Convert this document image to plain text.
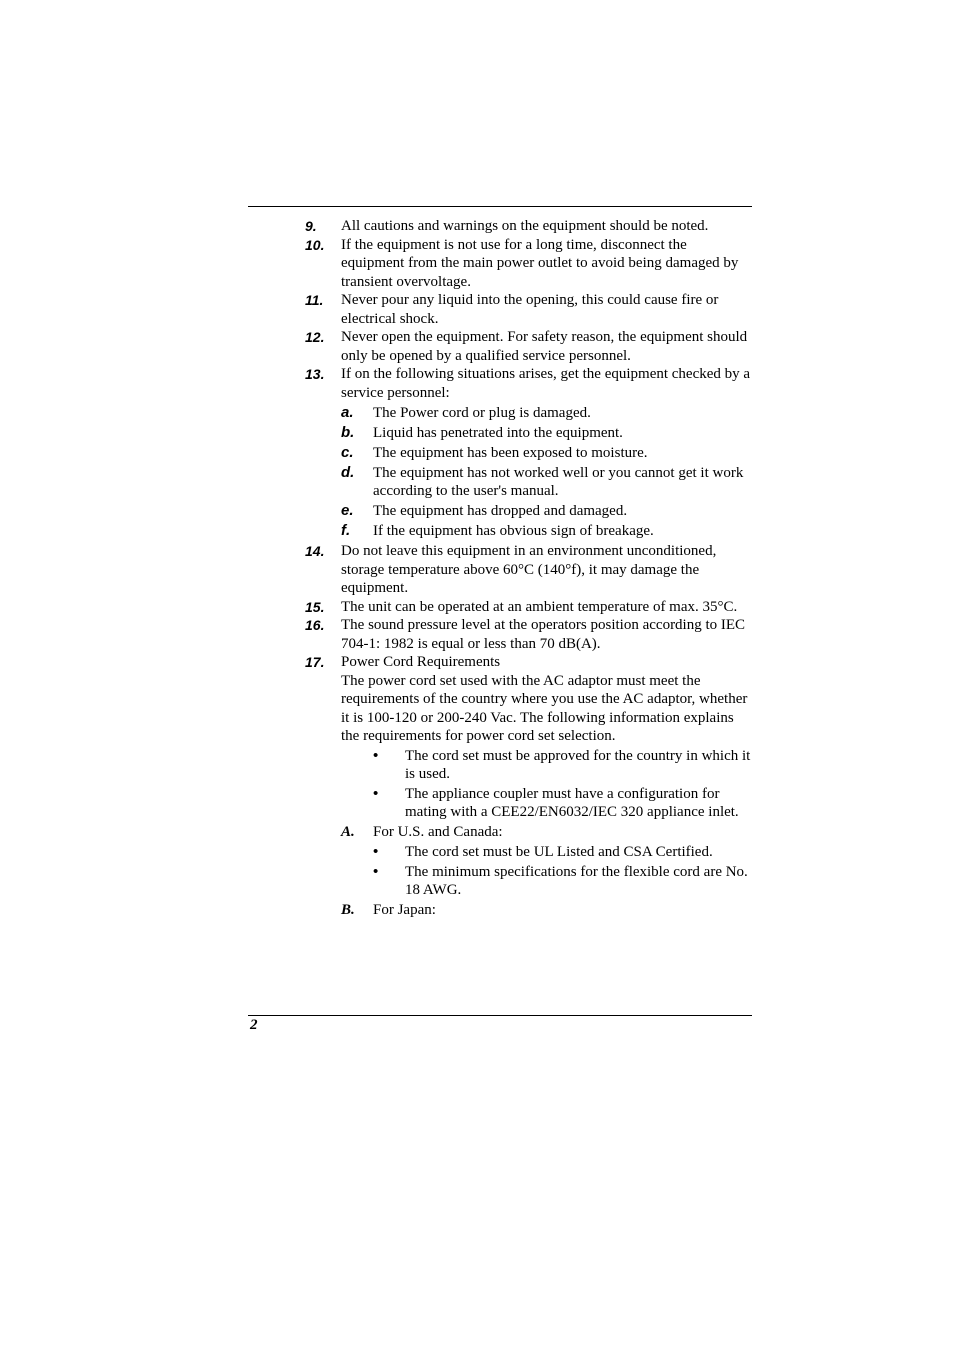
9. All cautions and warnings on the equipment should be noted.
10. If the equipment is not use for a long time, disconnect the equipment from the main power outlet to avoid being damaged by transient overvoltage.
11. Never pour any liquid into the opening, this could cause fire or electrical shock.
12. Never open the equipment. For safety reason, the equipment should only be opened by a qualified service personnel.
13. If on the following situations arises, get the equipment checked by a service personnel:
a. The Power cord or plug is damaged.
b. Liquid has penetrated into the equipment.
c. The equipment has been exposed to moisture.
d. The equipment has not worked well or you cannot get it work according to the user's manual.
e. The equipment has dropped and damaged.
f. If the equipment has obvious sign of breakage.
14. Do not leave this equipment in an environment unconditioned, storage temperature above 60°C (140°f), it may damage the equipment.
15. The unit can be operated at an ambient temperature of max. 35°C.
16. The sound pressure level at the operators position according to IEC 704-1: 1982 is equal or less than 70 dB(A).
17. Power Cord Requirements
The power cord set used with the AC adaptor must meet the requirements of the country where you use the AC adaptor, whether it is 100-120 or 200-240 Vac. The following information explains the requirements for power cord set selection.
• The cord set must be approved for the country in which it is used.
• The appliance coupler must have a configuration for mating with a CEE22/EN6032/IEC 320 appliance inlet.
A. For U.S. and Canada:
• The cord set must be UL Listed and CSA Certified.
• The minimum specifications for the flexible cord are No. 18 AWG.
B. For Japan:
2
